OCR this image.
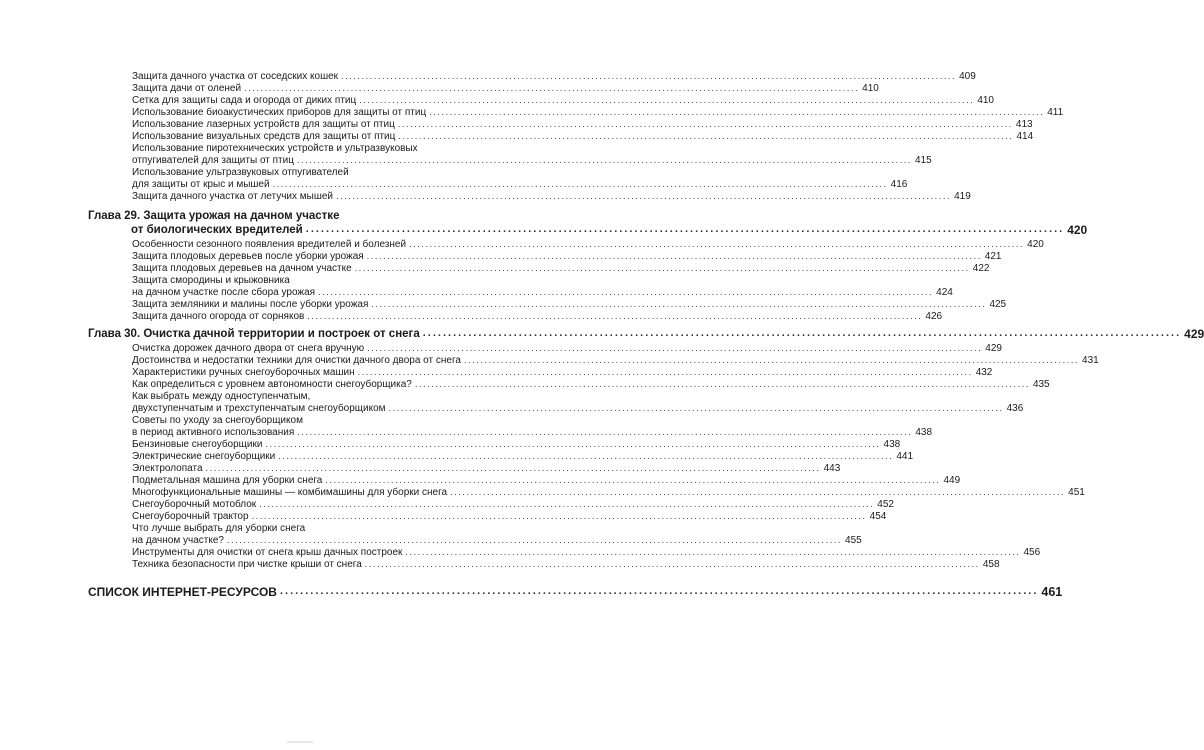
Защита дачного участка от соседских кошек ...................................................................................................................................................... 409
Защита дачи от оленей ...................................................................................................................................................... 410
Сетка для защиты сада и огорода от диких птиц ...................................................................................................................................................... 410
Использование биоакустических приборов для защиты от птиц ...................................................................................................................................................... 411
Использование лазерных устройств для защиты от птиц ...................................................................................................................................................... 413
Использование визуальных средств для защиты от птиц ...................................................................................................................................................... 414
Использование пиротехнических устройств и ультразвуковых
отпугивателей для защиты от птиц ...................................................................................................................................................... 415
Использование ультразвуковых отпугивателей
для защиты от крыс и мышей ...................................................................................................................................................... 416
Защита дачного участка от летучих мышей ...................................................................................................................................................... 419
Глава 29. Защита урожая на дачном участке
от биологических вредителей ...................................................................................................................................................... 420
Особенности сезонного появления вредителей и болезней ...................................................................................................................................................... 420
Защита плодовых деревьев после уборки урожая ...................................................................................................................................................... 421
Защита плодовых деревьев на дачном участке ...................................................................................................................................................... 422
Защита смородины и крыжовника
на дачном участке после сбора урожая ...................................................................................................................................................... 424
Защита земляники и малины после уборки урожая ...................................................................................................................................................... 425
Защита дачного огорода от сорняков ...................................................................................................................................................... 426
Глава 30. Очистка дачной территории и построек от снега ...................................................................................................................................................... 429
Очистка дорожек дачного двора от снега вручную ...................................................................................................................................................... 429
Достоинства и недостатки техники для очистки дачного двора от снега ...................................................................................................................................................... 431
Характеристики ручных снегоуборочных машин ...................................................................................................................................................... 432
Как определиться с уровнем автономности снегоуборщика? ...................................................................................................................................................... 435
Как выбрать между одноступенчатым,
двухступенчатым и трехступенчатым снегоуборщиком ...................................................................................................................................................... 436
Советы по уходу за снегоуборщиком
в период активного использования ...................................................................................................................................................... 438
Бензиновые снегоуборщики ...................................................................................................................................................... 438
Электрические снегоуборщики ...................................................................................................................................................... 441
Электролопата ...................................................................................................................................................... 443
Подметальная машина для уборки снега ...................................................................................................................................................... 449
Многофункциональные машины — комбимашины для уборки снега ...................................................................................................................................................... 451
Снегоуборочный мотоблок ...................................................................................................................................................... 452
Снегоуборочный трактор ...................................................................................................................................................... 454
Что лучше выбрать для уборки снега
на дачном участке? ...................................................................................................................................................... 455
Инструменты для очистки от снега крыш дачных построек ...................................................................................................................................................... 456
Техника безопасности при чистке крыши от снега ...................................................................................................................................................... 458
СПИСОК ИНТЕРНЕТ-РЕСУРСОВ ...................................................................................................................................................... 461
